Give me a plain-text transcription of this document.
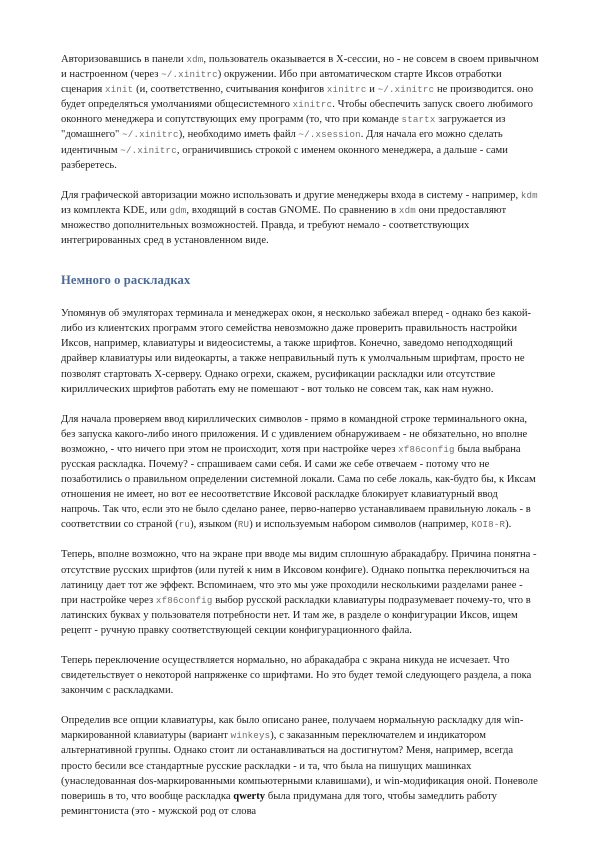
Авторизовавшись в панели xdm, пользователь оказывается в X-сессии, но - не совсем в своем привычном и настроенном (через ~/.xinitrc) окружении. Ибо при автоматическом старте Иксов отработки сценария xinit (и, соответственно, считывания конфигов xinitrc и ~/.xinitrc не производится. оно будет определяться умолчаниями общесистемного xinitrc. Чтобы обеспечить запуск своего любимого оконного менеджера и сопутствующих ему программ (то, что при команде startx загружается из "домашнего" ~/.xinitrc), необходимо иметь файл ~/.xsession. Для начала его можно сделать идентичным ~/.xinitrc, ограничившись строкой с именем оконного менеджера, а дальше - сами разберетесь.

Для графической авторизации можно использовать и другие менеджеры входа в систему - например, kdm из комплекта KDE, или gdm, входящий в состав GNOME. По сравнению в xdm они предоставляют множество дополнительных возможностей. Правда, и требуют немало - соответствующих интегрированных сред в установленном виде.

Немного о раскладках

Упомянув об эмуляторах терминала и менеджерах окон, я несколько забежал вперед - однако без какой-либо из клиентских программ этого семейства невозможно даже проверить правильность настройки Иксов, например, клавиатуры и видеосистемы, а также шрифтов. Конечно, заведомо неподходящий драйвер клавиатуры или видеокарты, а также неправильный путь к умолчальным шрифтам, просто не позволят стартовать X-серверу. Однако огрехи, скажем, русификации раскладки или отсутствие кириллических шрифтов работать ему не помешают - вот только не совсем так, как нам нужно.

Для начала проверяем ввод кириллических символов - прямо в командной строке терминального окна, без запуска какого-либо иного приложения. И с удивлением обнаруживаем - не обязательно, но вполне возможно, - что ничего при этом не происходит, хотя при настройке через xf86config была выбрана русская раскладка. Почему? - спрашиваем сами себя. И сами же себе отвечаем - потому что не позаботились о правильном определении системной локали. Сама по себе локаль, как-будто бы, к Иксам отношения не имеет, но вот ее несоответствие Иксовой раскладке блокирует клавиатурный ввод напрочь. Так что, если это не было сделано ранее, перво-наперво устанавливаем правильную локаль - в соответствии со страной (ru), языком (RU) и используемым набором символов (например, KOI8-R).

Теперь, вполне возможно, что на экране при вводе мы видим сплошную абракадабру. Причина понятна - отсутствие русских шрифтов (или путей к ним в Иксовом конфиге). Однако попытка переключиться на латиницу дает тот же эффект. Вспоминаем, что это мы уже проходили несколькими разделами ранее - при настройке через xf86config выбор русской раскладки клавиатуры подразумевает почему-то, что в латинских буквах у пользователя потребности нет. И там же, в разделе о конфигурации Иксов, ищем рецепт - ручную правку соответствующей секции конфигурационного файла.

Теперь переключение осуществляется нормально, но абракадабра с экрана никуда не исчезает. Что свидетельствует о некоторой напряженке со шрифтами. Но это будет темой следующего раздела, а пока закончим с раскладками.

Определив все опции клавиатуры, как было описано ранее, получаем нормальную раскладку для win-маркированной клавиатуры (вариант winkeys), с заказанным переключателем и индикатором альтернативной группы. Однако стоит ли останавливаться на достигнутом? Меня, например, всегда просто бесили все стандартные русские раскладки - и та, что была на пишущих машинках (унаследованная dos-маркированными компьютерными клавишами), и win-модификация оной. Поневоле поверишь в то, что вообще раскладка qwerty была придумана для того, чтобы замедлить работу ремингтониста (это - мужской род от слова
